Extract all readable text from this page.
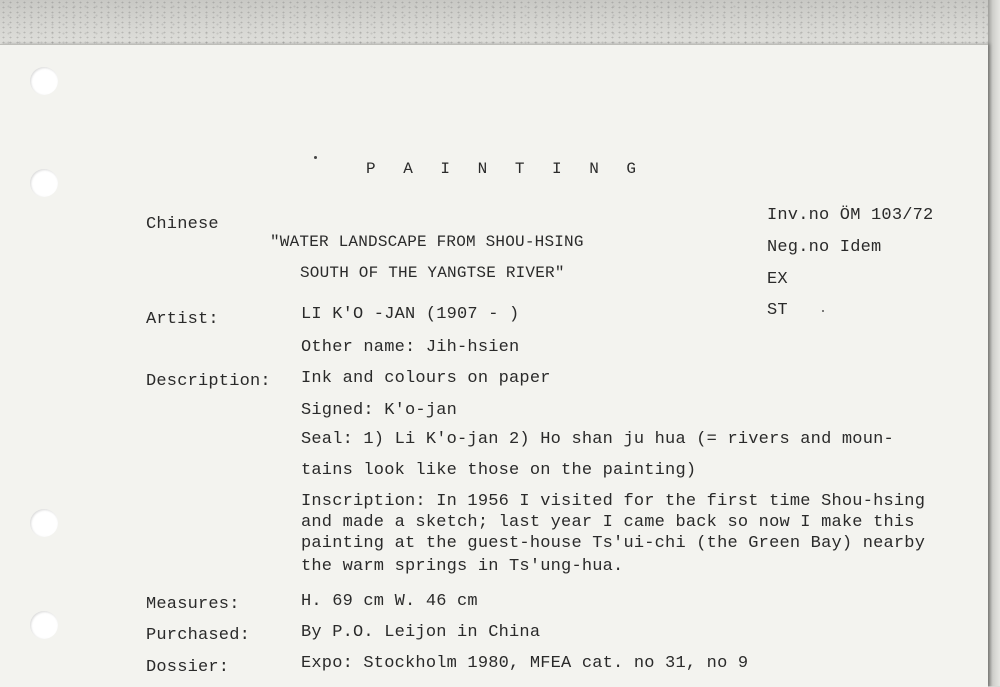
P A I N T I N G
Chinese
"WATER LANDSCAPE FROM SHOU-HSING
SOUTH OF THE YANGTSE RIVER"
Inv.no ÖM 103/72
Neg.no Idem
EX
ST
Artist:	LI K'O -JAN (1907 - )
Other name: Jih-hsien
Description: Ink and colours on paper
Signed: K'o-jan
Seal: 1) Li K'o-jan 2) Ho shan ju hua (= rivers and moun-
tains look like those on the painting)
Inscription: In 1956 I visited for the first time Shou-hsing
and made a sketch; last year I came back so now I make this
painting at the guest-house Ts'ui-chi (the Green Bay) nearby
the warm springs in Ts'ung-hua.
Measures:	H. 69 cm W. 46 cm
Purchased:	By P.O. Leijon in China
Dossier:	Expo: Stockholm 1980, MFEA cat. no 31, no 9
